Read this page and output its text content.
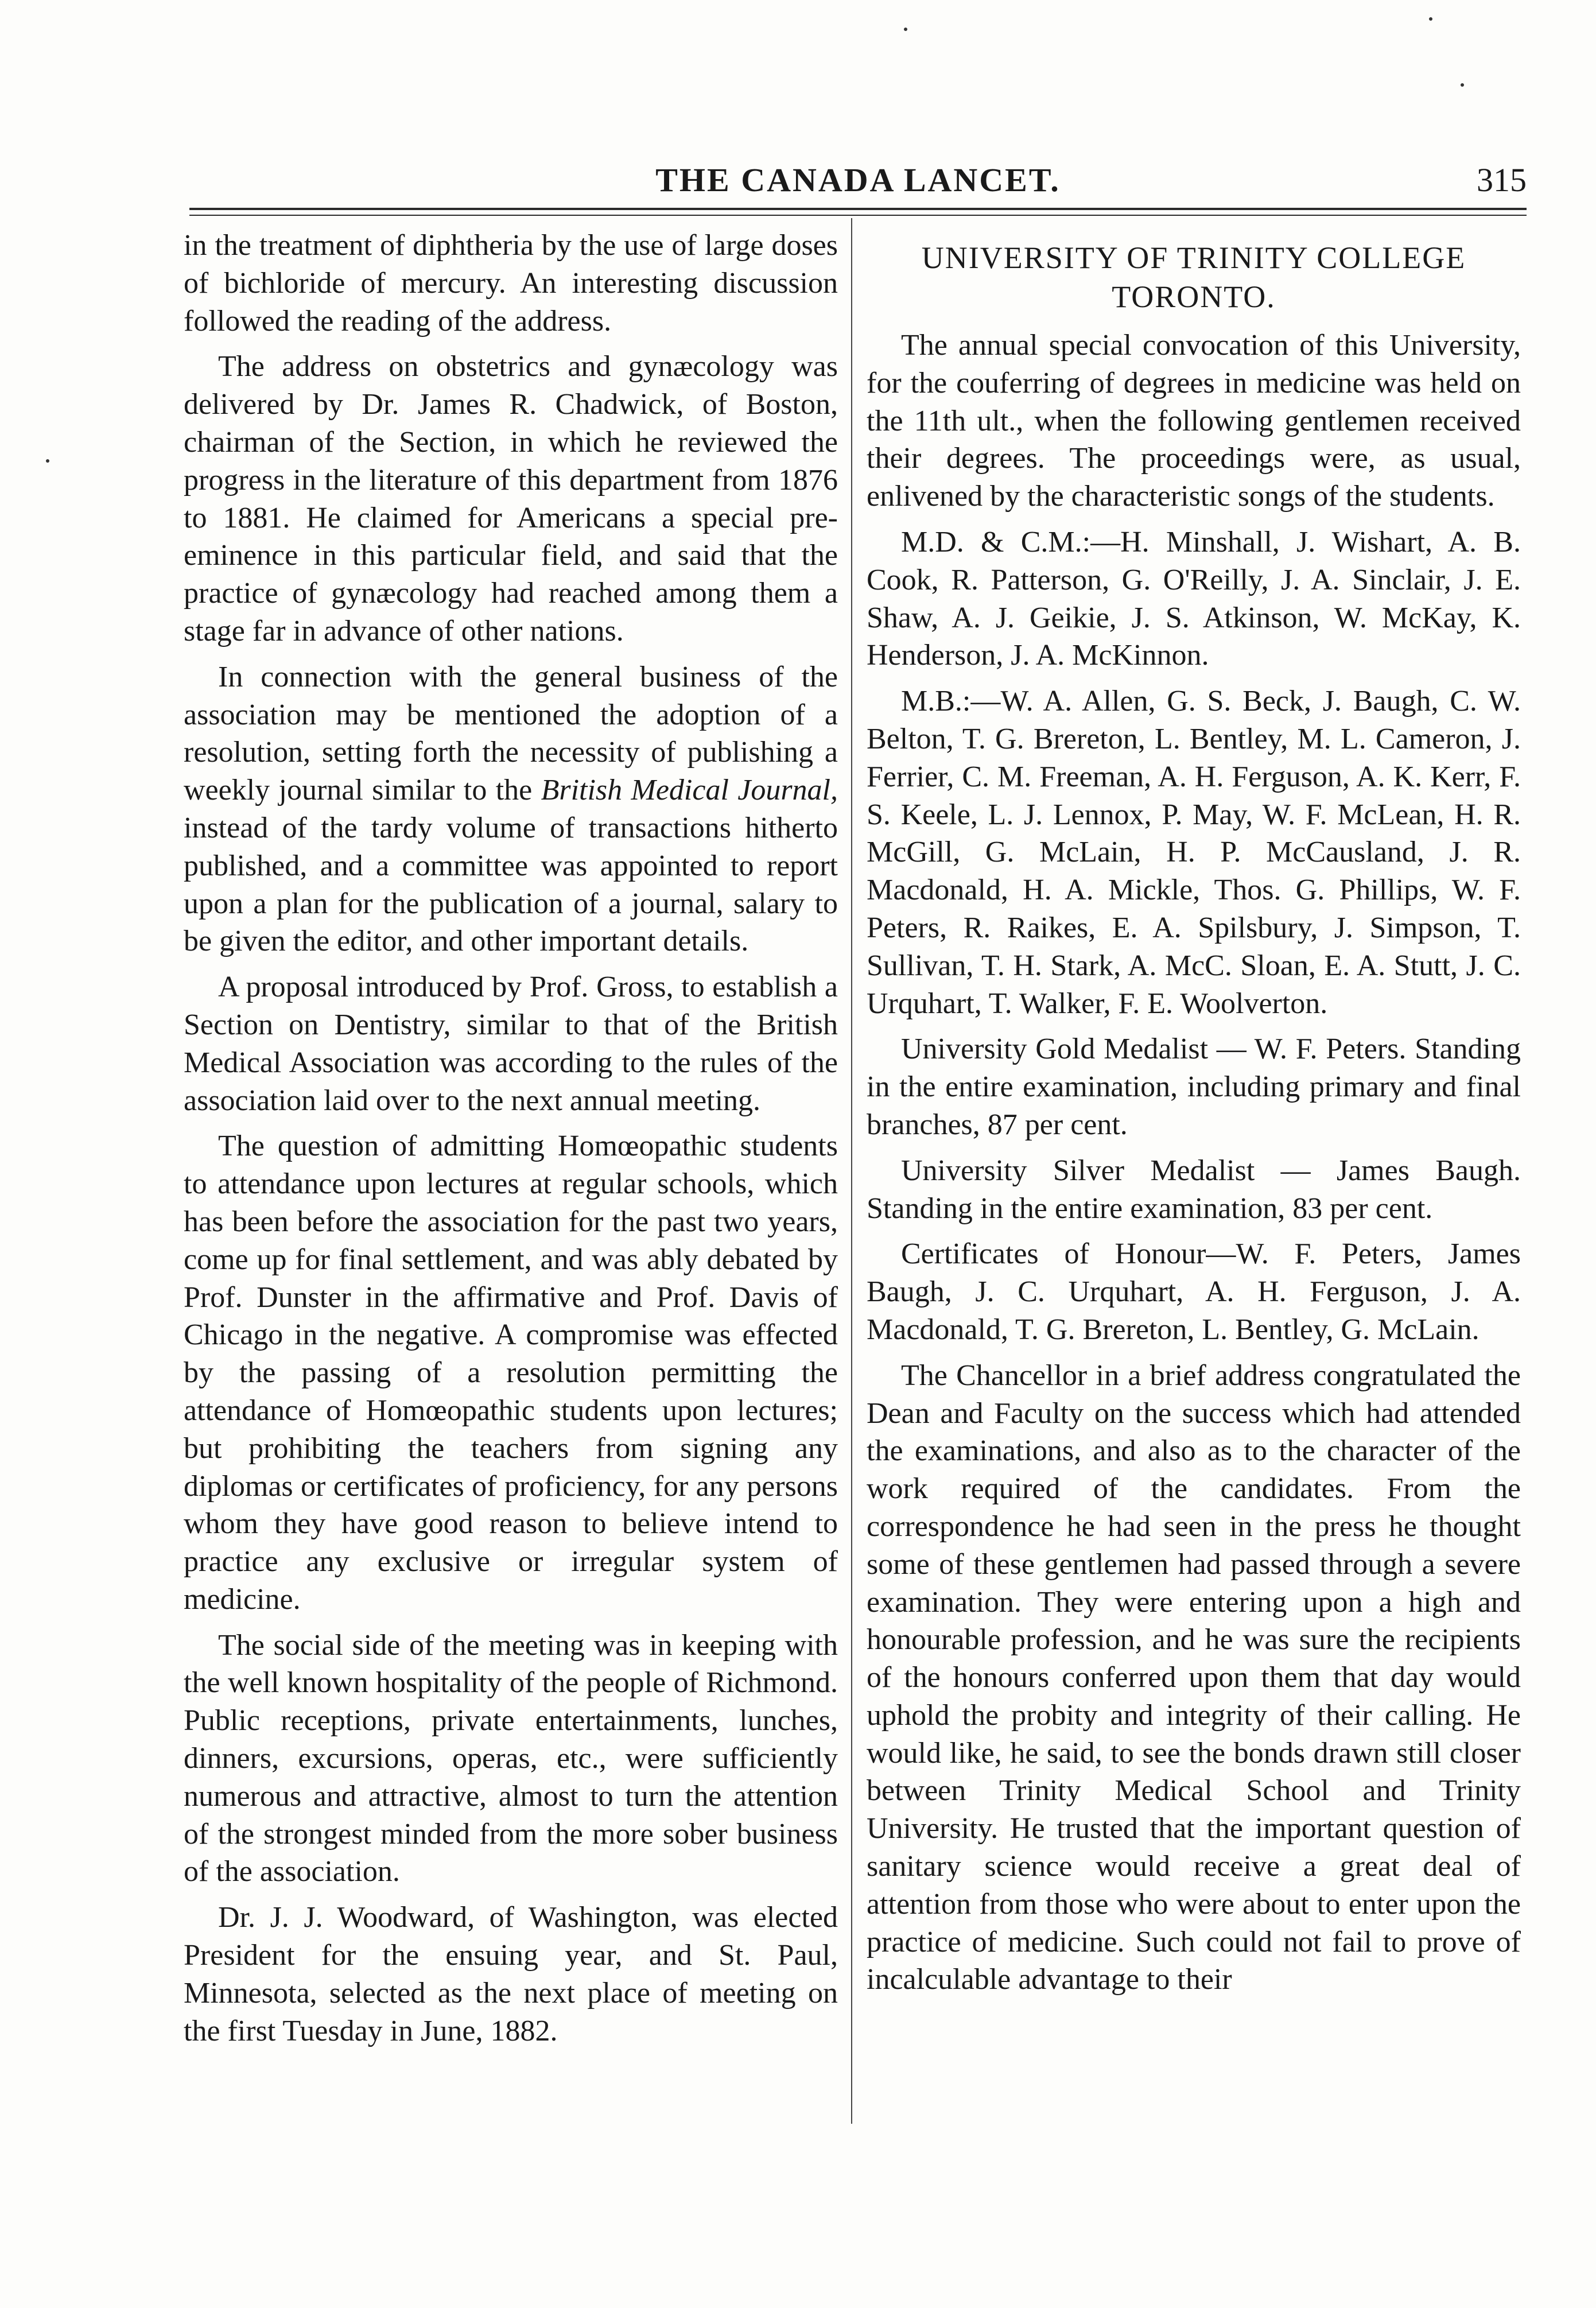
THE CANADA LANCET.	315

in the treatment of diphtheria by the use of large doses of bichloride of mercury. An interesting discussion followed the reading of the address.

The address on obstetrics and gynæcology was delivered by Dr. James R. Chadwick, of Boston, chairman of the Section, in which he reviewed the progress in the literature of this department from 1876 to 1881. He claimed for Americans a special pre-eminence in this particular field, and said that the practice of gynæcology had reached among them a stage far in advance of other nations.

In connection with the general business of the association may be mentioned the adoption of a resolution, setting forth the necessity of publishing a weekly journal similar to the British Medical Journal, instead of the tardy volume of transactions hitherto published, and a committee was appointed to report upon a plan for the publication of a journal, salary to be given the editor, and other important details.

A proposal introduced by Prof. Gross, to establish a Section on Dentistry, similar to that of the British Medical Association was according to the rules of the association laid over to the next annual meeting.

The question of admitting Homœopathic students to attendance upon lectures at regular schools, which has been before the association for the past two years, come up for final settlement, and was ably debated by Prof. Dunster in the affirmative and Prof. Davis of Chicago in the negative. A compromise was effected by the passing of a resolution permitting the attendance of Homœopathic students upon lectures; but prohibiting the teachers from signing any diplomas or certificates of proficiency, for any persons whom they have good reason to believe intend to practice any exclusive or irregular system of medicine.

The social side of the meeting was in keeping with the well known hospitality of the people of Richmond. Public receptions, private entertainments, lunches, dinners, excursions, operas, etc., were sufficiently numerous and attractive, almost to turn the attention of the strongest minded from the more sober business of the association.

Dr. J. J. Woodward, of Washington, was elected President for the ensuing year, and St. Paul, Minnesota, selected as the next place of meeting on the first Tuesday in June, 1882.

UNIVERSITY OF TRINITY COLLEGE
TORONTO.

The annual special convocation of this University, for the couferring of degrees in medicine was held on the 11th ult., when the following gentlemen received their degrees. The proceedings were, as usual, enlivened by the characteristic songs of the students.

M.D. & C.M.:—H. Minshall, J. Wishart, A. B. Cook, R. Patterson, G. O'Reilly, J. A. Sinclair, J. E. Shaw, A. J. Geikie, J. S. Atkinson, W. McKay, K. Henderson, J. A. McKinnon.

M.B.:—W. A. Allen, G. S. Beck, J. Baugh, C. W. Belton, T. G. Brereton, L. Bentley, M. L. Cameron, J. Ferrier, C. M. Freeman, A. H. Ferguson, A. K. Kerr, F. S. Keele, L. J. Lennox, P. May, W. F. McLean, H. R. McGill, G. McLain, H. P. McCausland, J. R. Macdonald, H. A. Mickle, Thos. G. Phillips, W. F. Peters, R. Raikes, E. A. Spilsbury, J. Simpson, T. Sullivan, T. H. Stark, A. McC. Sloan, E. A. Stutt, J. C. Urquhart, T. Walker, F. E. Woolverton.

University Gold Medalist — W. F. Peters. Standing in the entire examination, including primary and final branches, 87 per cent.

University Silver Medalist — James Baugh. Standing in the entire examination, 83 per cent.

Certificates of Honour—W. F. Peters, James Baugh, J. C. Urquhart, A. H. Ferguson, J. A. Macdonald, T. G. Brereton, L. Bentley, G. McLain.

The Chancellor in a brief address congratulated the Dean and Faculty on the success which had attended the examinations, and also as to the character of the work required of the candidates. From the correspondence he had seen in the press he thought some of these gentlemen had passed through a severe examination. They were entering upon a high and honourable profession, and he was sure the recipients of the honours conferred upon them that day would uphold the probity and integrity of their calling. He would like, he said, to see the bonds drawn still closer between Trinity Medical School and Trinity University. He trusted that the important question of sanitary science would receive a great deal of attention from those who were about to enter upon the practice of medicine. Such could not fail to prove of incalculable advantage to their
